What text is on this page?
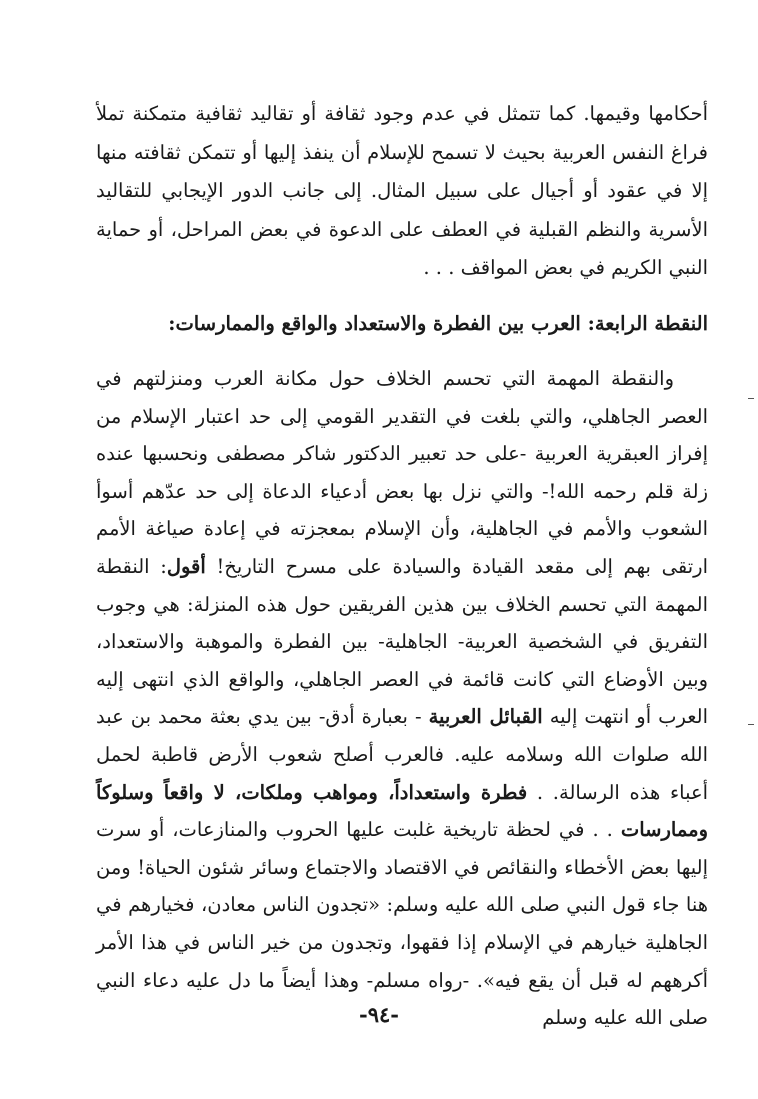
أحكامها وقيمها. كما تتمثل في عدم وجود ثقافة أو تقاليد ثقافية متمكنة تملأ فراغ النفس العربية بحيث لا تسمح للإسلام أن ينفذ إليها أو تتمكن ثقافته منها إلا في عقود أو أجيال على سبيل المثال. إلى جانب الدور الإيجابي للتقاليد الأسرية والنظم القبلية في العطف على الدعوة في بعض المراحل، أو حماية النبي الكريم في بعض المواقف . . .

النقطة الرابعة: العرب بين الفطرة والاستعداد والواقع والممارسات:

والنقطة المهمة التي تحسم الخلاف حول مكانة العرب ومنزلتهم في العصر الجاهلي، والتي بلغت في التقدير القومي إلى حد اعتبار الإسلام من إفراز العبقرية العربية -على حد تعبير الدكتور شاكر مصطفى ونحسبها عنده زلة قلم رحمه الله!- والتي نزل بها بعض أدعياء الدعاة إلى حد عدّهم أسوأ الشعوب والأمم في الجاهلية، وأن الإسلام بمعجزته في إعادة صياغة الأمم ارتقى بهم إلى مقعد القيادة والسيادة على مسرح التاريخ! أقول: النقطة المهمة التي تحسم الخلاف بين هذين الفريقين حول هذه المنزلة: هي وجوب التفريق في الشخصية العربية- الجاهلية- بين الفطرة والموهبة والاستعداد، وبين الأوضاع التي كانت قائمة في العصر الجاهلي، والواقع الذي انتهى إليه العرب أو انتهت إليه القبائل العربية - بعبارة أدق- بين يدي بعثة محمد بن عبد الله صلوات الله وسلامه عليه. فالعرب أصلح شعوب الأرض قاطبة لحمل أعباء هذه الرسالة. . فطرة واستعداداً، ومواهب وملكات، لا واقعاً وسلوكاً وممارسات . . في لحظة تاريخية غلبت عليها الحروب والمنازعات، أو سرت إليها بعض الأخطاء والنقائص في الاقتصاد والاجتماع وسائر شئون الحياة! ومن هنا جاء قول النبي صلى الله عليه وسلم: «تجدون الناس معادن، فخيارهم في الجاهلية خيارهم في الإسلام إذا فقهوا، وتجدون من خير الناس في هذا الأمر أكرههم له قبل أن يقع فيه». -رواه مسلم- وهذا أيضاً ما دل عليه دعاء النبي صلى الله عليه وسلم

-٩٤-
